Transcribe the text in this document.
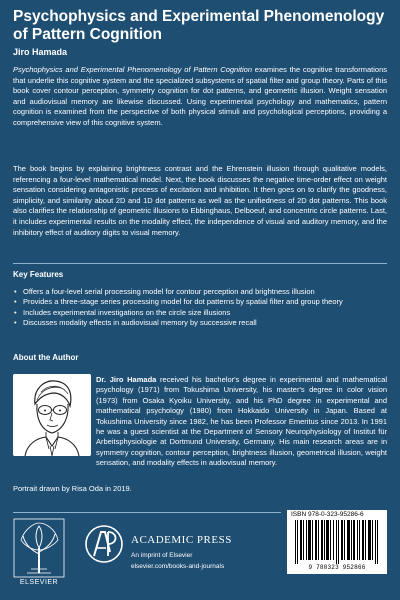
Psychophysics and Experimental Phenomenology of Pattern Cognition
Jiro Hamada
Psychophysics and Experimental Phenomenology of Pattern Cognition examines the cognitive transformations that underlie this cognitive system and the specialized subsystems of spatial filter and group theory. Parts of this book cover contour perception, symmetry cognition for dot patterns, and geometric illusion. Weight sensation and audiovisual memory are likewise discussed. Using experimental psychology and mathematics, pattern cognition is examined from the perspective of both physical stimuli and psychological perceptions, providing a comprehensive view of this cognitive system.
The book begins by explaining brightness contrast and the Ehrenstein illusion through qualitative models, referencing a four-level mathematical model. Next, the book discusses the negative time-order effect on weight sensation considering antagonistic process of excitation and inhibition. It then goes on to clarify the goodness, simplicity, and similarity about 2D and 1D dot patterns as well as the unifiedness of 2D dot patterns. This book also clarifies the relationship of geometric illusions to Ebbinghaus, Delboeuf, and concentric circle patterns. Last, it includes experimental results on the modality effect, the independence of visual and auditory memory, and the inhibitory effect of auditory digits to visual memory.
Key Features
• Offers a four-level serial processing model for contour perception and brightness illusion
• Provides a three-stage series processing model for dot patterns by spatial filter and group theory
• Includes experimental investigations on the circle size illusions
• Discusses modality effects in audiovisual memory by successive recall
About the Author
Dr. Jiro Hamada received his bachelor's degree in experimental and mathematical psychology (1971) from Tokushima University, his master's degree in color vision (1973) from Osaka Kyoiku University, and his PhD degree in experimental and mathematical psychology (1980) from Hokkaido University in Japan. Based at Tokushima University since 1982, he has been Professor Emeritus since 2013. In 1991 he was a guest scientist at the Department of Sensory Neurophysiology of Institut für Arbeitsphysiologie at Dortmund University, Germany. His main research areas are in symmetry cognition, contour perception, brightness illusion, geometrical illusion, weight sensation, and modality effects in audiovisual memory.
Portrait drawn by Risa Oda in 2019.
ELSEVIER
ACADEMIC PRESS
An imprint of Elsevier
elsevier.com/books-and-journals
ISBN 978-0-323-95286-6
9 780323 952866
